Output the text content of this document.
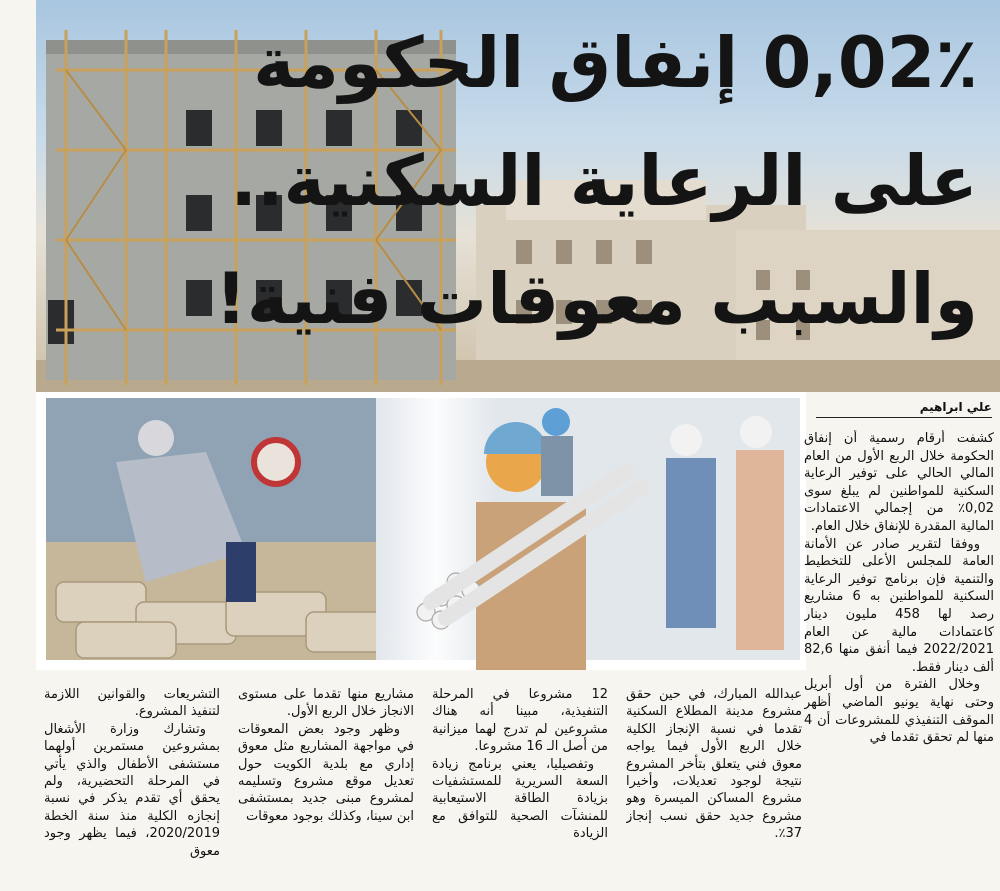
0,02٪ إنفاق الحكومة
على الرعاية السكنية..
والسبب معوقات فنية!
علي ابراهيم

كشفت أرقام رسمية أن إنفاق الحكومة خلال الربع الأول من العام المالي الحالي على توفير الرعاية السكنية للمواطنين لم يبلغ سوى 0,02٪ من إجمالي الاعتمادات المالية المقدرة للإنفاق خلال العام.

ووفقا لتقرير صادر عن الأمانة العامة للمجلس الأعلى للتخطيط والتنمية فإن برنامج توفير الرعاية السكنية للمواطنين به 6 مشاريع رصد لها 458 مليون دينار كاعتمادات مالية عن العام 2022/2021 فيما أنفق منها 82,6 ألف دينار فقط.

وخلال الفترة من أول أبريل وحتى نهاية يونيو الماضي أظهر الموقف التنفيذي للمشروعات أن 4 منها لم تحقق تقدما في

عبدالله المبارك، في حين حقق مشروع مدينة المطلاع السكنية تقدما في نسبة الإنجاز الكلية خلال الربع الأول فيما يواجه معوق فني يتعلق بتأخر المشروع نتيجة لوجود تعديلات، وأخيرا مشروع المساكن الميسرة وهو مشروع جديد حقق نسب إنجاز 37٪.

12 مشروعا في المرحلة التنفيذية، مبينا أنه هناك مشروعين لم تدرج لهما ميزانية من أصل الـ 16 مشروعا.

وتفصيليا، يعني برنامج زيادة السعة السريرية للمستشفيات بزيادة الطاقة الاستيعابية للمنشآت الصحية للتوافق مع الزيادة

مشاريع منها تقدما على مستوى الانجاز خلال الربع الأول.

وظهر وجود بعض المعوقات في مواجهة المشاريع مثل معوق إداري مع بلدية الكويت حول تعديل موقع مشروع وتسليمه لمشروع مبنى جديد بمستشفى ابن سينا، وكذلك بوجود معوقات

التشريعات والقوانين اللازمة لتنفيذ المشروع.

وتشارك وزارة الأشغال بمشروعين مستمرين أولهما مستشفى الأطفال والذي يأتي في المرحلة التحضيرية، ولم يحقق أي تقدم يذكر في نسبة إنجازه الكلية منذ سنة الخطة 2020/2019، فيما يظهر وجود معوق
